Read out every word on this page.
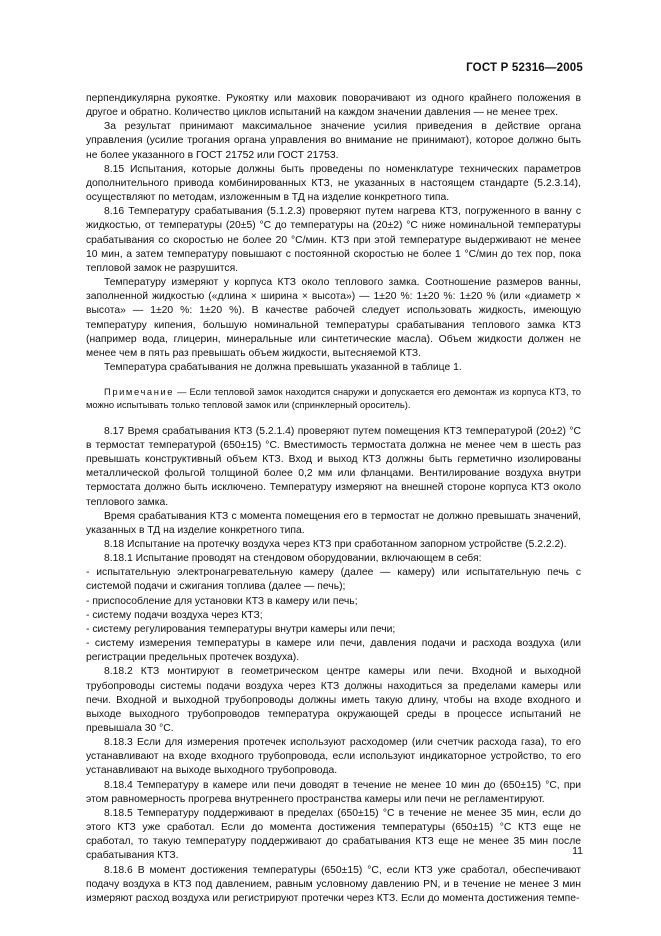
ГОСТ Р 52316—2005

перпендикулярна рукоятке. Рукоятку или маховик поворачивают из одного крайнего положения в другое и обратно. Количество циклов испытаний на каждом значении давления — не менее трех.

За результат принимают максимальное значение усилия приведения в действие органа управления (усилие трогания органа управления во внимание не принимают), которое должно быть не более указанного в ГОСТ 21752 или ГОСТ 21753.

8.15 Испытания, которые должны быть проведены по номенклатуре технических параметров дополнительного привода комбинированных КТЗ, не указанных в настоящем стандарте (5.2.3.14), осуществляют по методам, изложенным в ТД на изделие конкретного типа.

8.16 Температуру срабатывания (5.1.2.3) проверяют путем нагрева КТЗ, погруженного в ванну с жидкостью, от температуры (20±5) °С до температуры на (20±2) °С ниже номинальной температуры срабатывания со скоростью не более 20 °С/мин. КТЗ при этой температуре выдерживают не менее 10 мин, а затем температуру повышают с постоянной скоростью не более 1 °С/мин до тех пор, пока тепловой замок не разрушится.

Температуру измеряют у корпуса КТЗ около теплового замка. Соотношение размеров ванны, заполненной жидкостью («длина × ширина × высота») — 1±20 %: 1±20 %: 1±20 % (или «диаметр × высота» — 1±20 %: 1±20 %). В качестве рабочей следует использовать жидкость, имеющую температуру кипения, большую номинальной температуры срабатывания теплового замка КТЗ (например вода, глицерин, минеральные или синтетические масла). Объем жидкости должен не менее чем в пять раз превышать объем жидкости, вытесняемой КТЗ.

Температура срабатывания не должна превышать указанной в таблице 1.

Примечание — Если тепловой замок находится снаружи и допускается его демонтаж из корпуса КТЗ, то можно испытывать только тепловой замок или (спринклерный ороситель).

8.17 Время срабатывания КТЗ (5.2.1.4) проверяют путем помещения КТЗ температурой (20±2) °С в термостат температурой (650±15) °С. Вместимость термостата должна не менее чем в шесть раз превышать конструктивный объем КТЗ. Вход и выход КТЗ должны быть герметично изолированы металлической фольгой толщиной более 0,2 мм или фланцами. Вентилирование воздуха внутри термостата должно быть исключено. Температуру измеряют на внешней стороне корпуса КТЗ около теплового замка.

Время срабатывания КТЗ с момента помещения его в термостат не должно превышать значений, указанных в ТД на изделие конкретного типа.

8.18 Испытание на протечку воздуха через КТЗ при сработанном запорном устройстве (5.2.2.2).

8.18.1 Испытание проводят на стендовом оборудовании, включающем в себя:

- испытательную электронагревательную камеру (далее — камеру) или испытательную печь с системой подачи и сжигания топлива (далее — печь);

- приспособление для установки КТЗ в камеру или печь;

- систему подачи воздуха через КТЗ;

- систему регулирования температуры внутри камеры или печи;

- систему измерения температуры в камере или печи, давления подачи и расхода воздуха (или регистрации предельных протечек воздуха).

8.18.2 КТЗ монтируют в геометрическом центре камеры или печи. Входной и выходной трубопроводы системы подачи воздуха через КТЗ должны находиться за пределами камеры или печи. Входной и выходной трубопроводы должны иметь такую длину, чтобы на входе входного и выходе выходного трубопроводов температура окружающей среды в процессе испытаний не превышала 30 °С.

8.18.3 Если для измерения протечек используют расходомер (или счетчик расхода газа), то его устанавливают на входе входного трубопровода, если используют индикаторное устройство, то его устанавливают на выходе выходного трубопровода.

8.18.4 Температуру в камере или печи доводят в течение не менее 10 мин до (650±15) °С, при этом равномерность прогрева внутреннего пространства камеры или печи не регламентируют.

8.18.5 Температуру поддерживают в пределах (650±15) °С в течение не менее 35 мин, если до этого КТЗ уже сработал. Если до момента достижения температуры (650±15) °С КТЗ еще не сработал, то такую температуру поддерживают до срабатывания КТЗ еще не менее 35 мин после срабатывания КТЗ.

8.18.6 В момент достижения температуры (650±15) °С, если КТЗ уже сработал, обеспечивают подачу воздуха в КТЗ под давлением, равным условному давлению PN, и в течение не менее 3 мин измеряют расход воздуха или регистрируют протечки через КТЗ. Если до момента достижения темпе-

11
